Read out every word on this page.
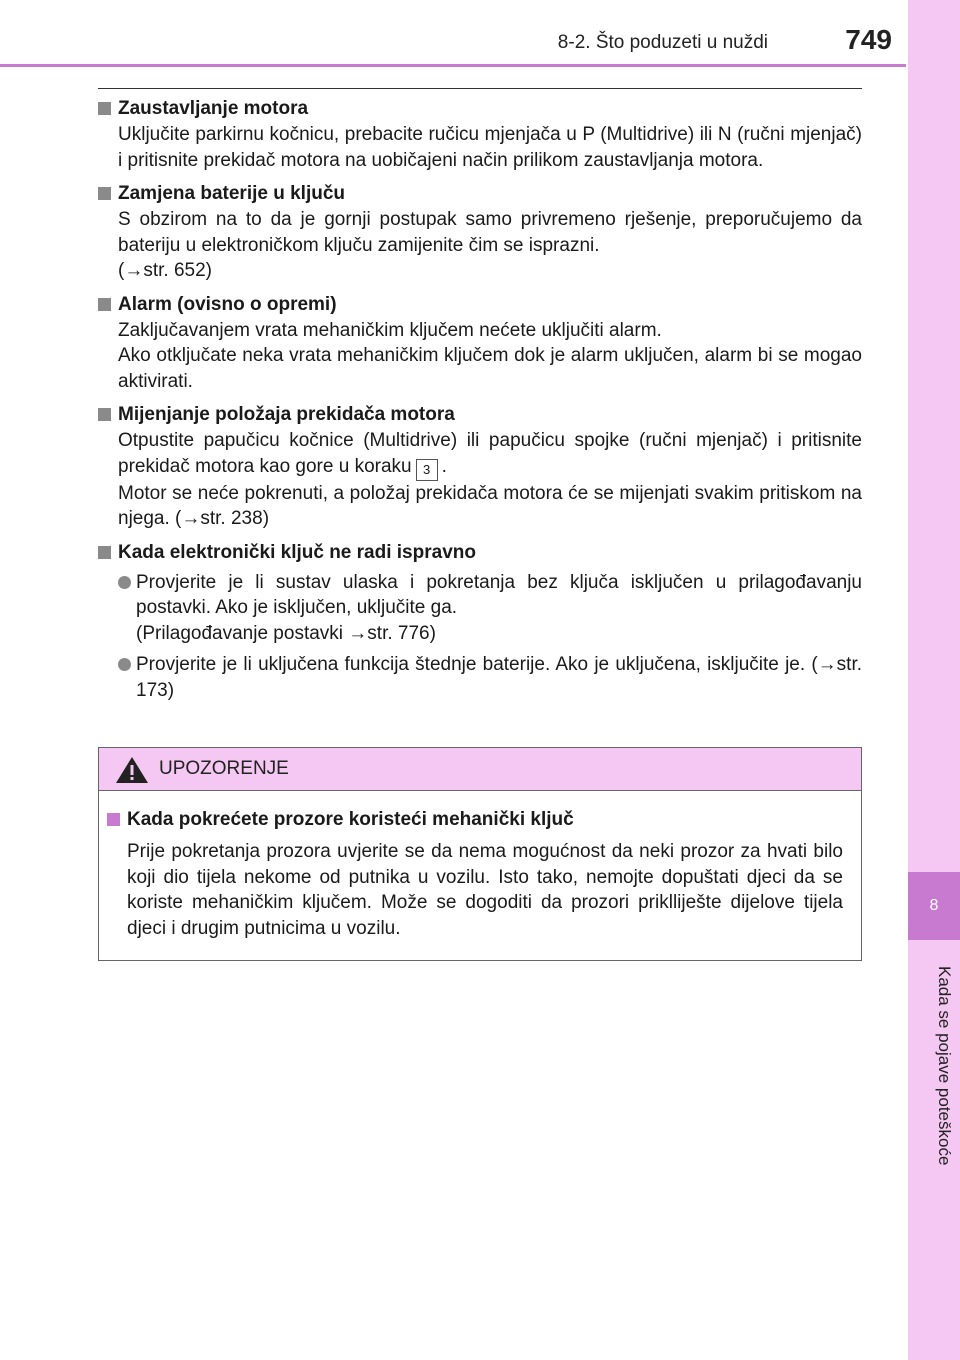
8-2. Što poduzeti u nuždi	749
8
Kada se pojave poteškoće
Zaustavljanje motora
Uključite parkirnu kočnicu, prebacite ručicu mjenjača u P (Multidrive) ili N (ručni mjenjač) i pritisnite prekidač motora na uobičajeni način prilikom zaustavljanja motora.
Zamjena baterije u ključu
S obzirom na to da je gornji postupak samo privremeno rješenje, preporučujemo da bateriju u elektroničkom ključu zamijenite čim se isprazni.
(→str. 652)
Alarm (ovisno o opremi)
Zaključavanjem vrata mehaničkim ključem nećete uključiti alarm.
Ako otključate neka vrata mehaničkim ključem dok je alarm uključen, alarm bi se mogao aktivirati.
Mijenjanje položaja prekidača motora
Otpustite papučicu kočnice (Multidrive) ili papučicu spojke (ručni mjenjač) i pritisnite prekidač motora kao gore u koraku 3 .
Motor se neće pokrenuti, a položaj prekidača motora će se mijenjati svakim pritiskom na njega. (→str. 238)
Kada elektronički ključ ne radi ispravno
Provjerite je li sustav ulaska i pokretanja bez ključa isključen u prilagođavanju postavki. Ako je isključen, uključite ga.
(Prilagođavanje postavki →str. 776)
Provjerite je li uključena funkcija štednje baterije. Ako je uključena, isključite je. (→str. 173)
UPOZORENJE
Kada pokrećete prozore koristeći mehanički ključ
Prije pokretanja prozora uvjerite se da nema mogućnost da neki prozor za hvati bilo koji dio tijela nekome od putnika u vozilu. Isto tako, nemojte dopuštati djeci da se koriste mehaničkim ključem. Može se dogoditi da prozori priklliješte dijelove tijela djeci i drugim putnicima u vozilu.
